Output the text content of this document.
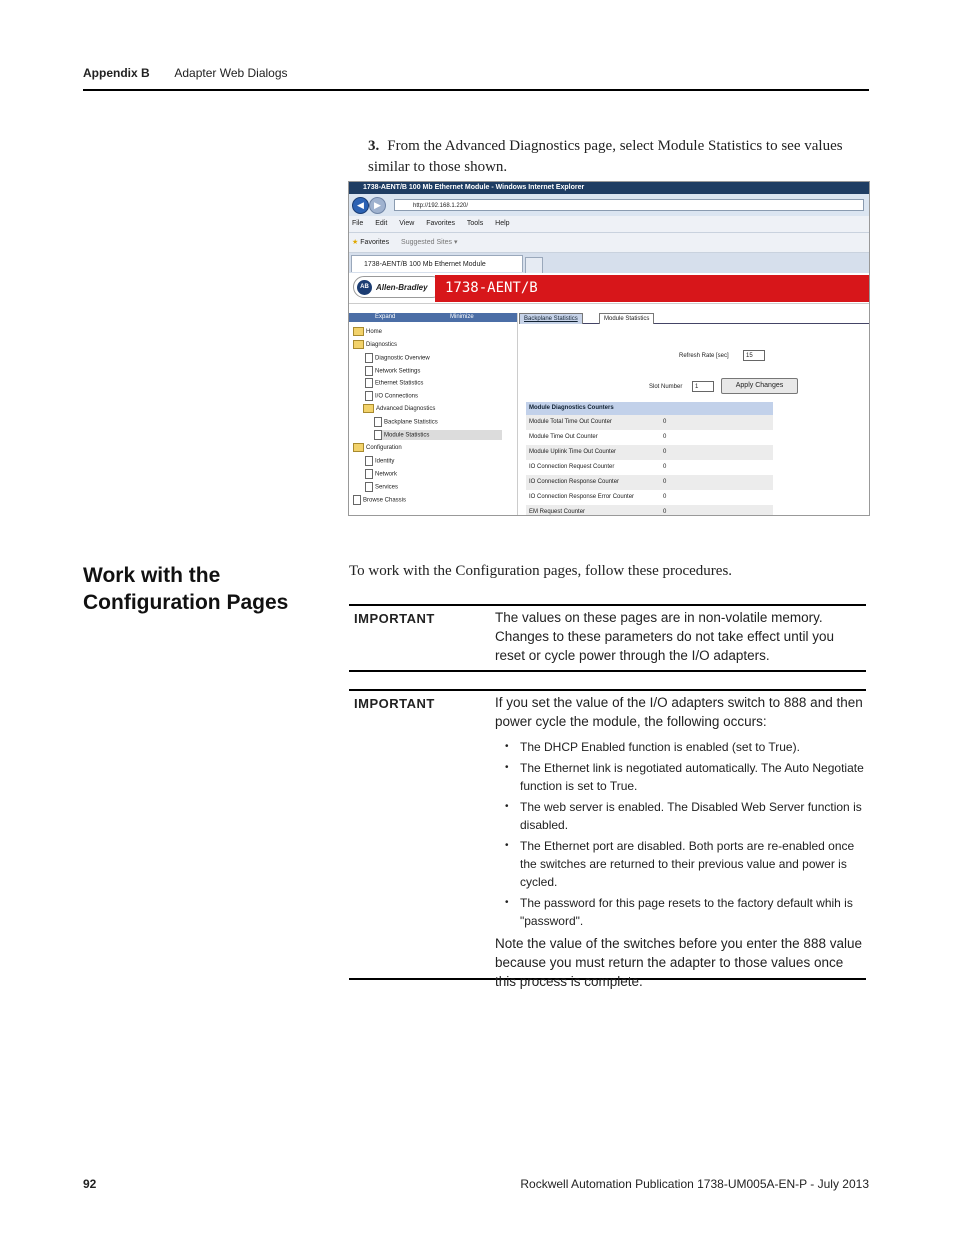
Appendix B Adapter Web Dialogs
3. From the Advanced Diagnostics page, select Module Statistics to see values similar to those shown.
1738-AENT/B 100 Mb Ethernet Module - Windows Internet Explorer
◀	▶	http://192.168.1.220/
File Edit View Favorites Tools Help
★ Favorites Suggested Sites ▾
1738-AENT/B 100 Mb Ethernet Module
AB Allen-Bradley	1738-AENT/B
Expand	Minimize
Home
Diagnostics
Diagnostic Overview
Network Settings
Ethernet Statistics
I/O Connections
Advanced Diagnostics
Backplane Statistics
Module Statistics
Configuration
Identity
Network
Services
Browse Chassis
Backplane Statistics	Module Statistics
Refresh Rate [sec]	15
Slot Number	1	Apply Changes
Module Diagnostics Counters
Module Total Time Out Counter	0
Module Time Out Counter	0
Module Uplink Time Out Counter	0
IO Connection Request Counter	0
IO Connection Response Counter	0
IO Connection Response Error Counter	0
EM Request Counter	0
Work with the
Configuration Pages
To work with the Configuration pages, follow these procedures.
IMPORTANT	The values on these pages are in non-volatile memory. Changes to these parameters do not take effect until you reset or cycle power through the I/O adapters.
IMPORTANT	If you set the value of the I/O adapters switch to 888 and then power cycle the module, the following occurs:
• The DHCP Enabled function is enabled (set to True).
• The Ethernet link is negotiated automatically. The Auto Negotiate function is set to True.
• The web server is enabled. The Disabled Web Server function is disabled.
• The Ethernet port are disabled. Both ports are re-enabled once the switches are returned to their previous value and power is cycled.
• The password for this page resets to the factory default whih is "password".
Note the value of the switches before you enter the 888 value because you must return the adapter to those values once this process is complete.
92	Rockwell Automation Publication 1738-UM005A-EN-P - July 2013
